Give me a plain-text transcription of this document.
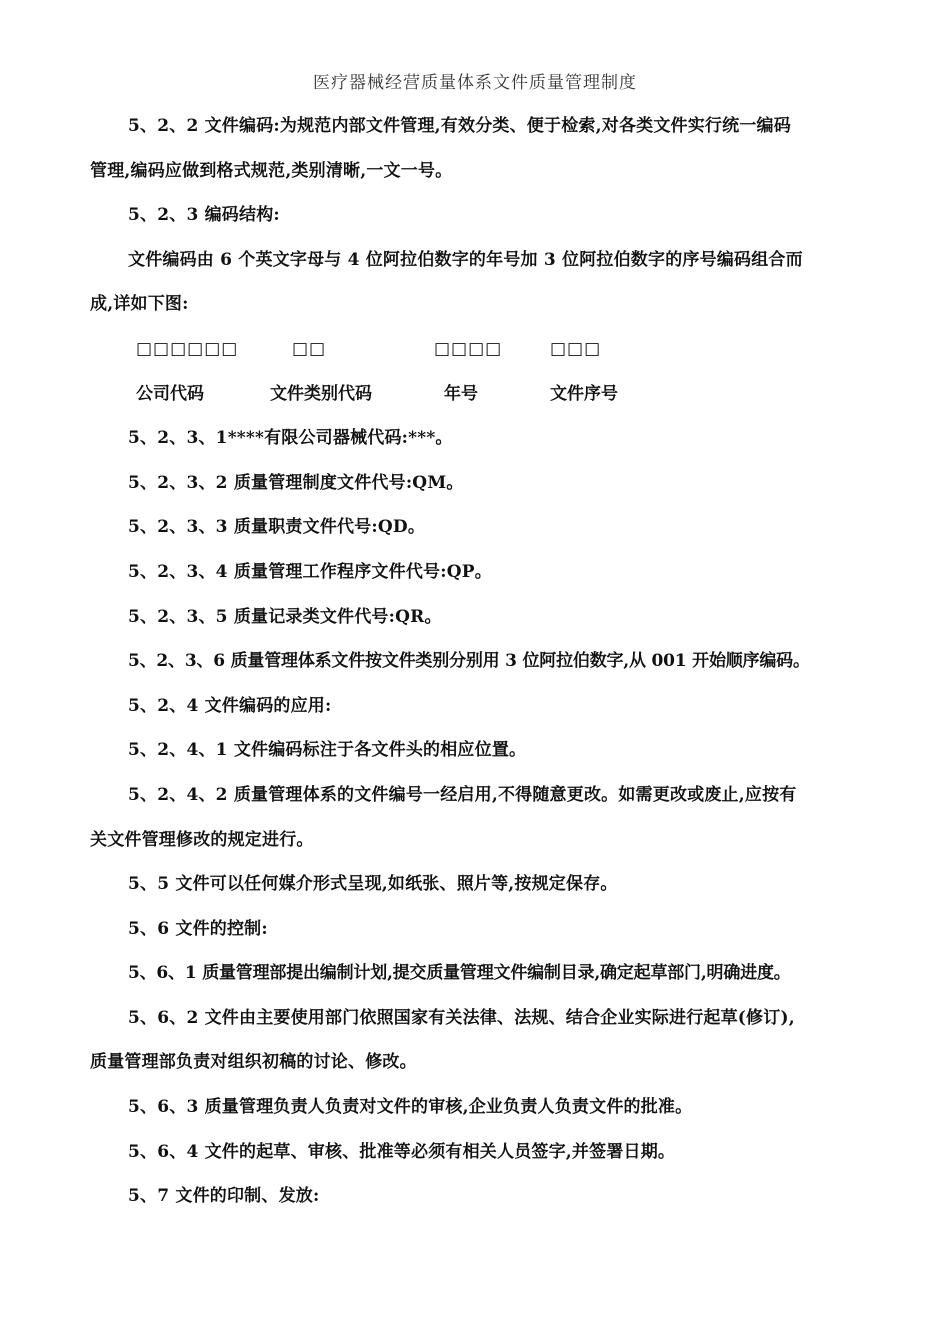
医疗器械经营质量体系文件质量管理制度
5、2、2 文件编码:为规范内部文件管理,有效分类、便于检索,对各类文件实行统一编码
管理,编码应做到格式规范,类别清晰,一文一号。
5、2、3 编码结构:
文件编码由 6 个英文字母与 4 位阿拉伯数字的年号加 3 位阿拉伯数字的序号编码组合而
成,详如下图:
□□□□□□	□□	□□□□	□□□
公司代码	文件类别代码	年号	文件序号
5、2、3、1****有限公司器械代码:***。
5、2、3、2 质量管理制度文件代号:QM。
5、2、3、3 质量职责文件代号:QD。
5、2、3、4 质量管理工作程序文件代号:QP。
5、2、3、5 质量记录类文件代号:QR。
5、2、3、6 质量管理体系文件按文件类别分别用 3 位阿拉伯数字,从 001 开始顺序编码。
5、2、4 文件编码的应用:
5、2、4、1 文件编码标注于各文件头的相应位置。
5、2、4、2 质量管理体系的文件编号一经启用,不得随意更改。如需更改或废止,应按有
关文件管理修改的规定进行。
5、5 文件可以任何媒介形式呈现,如纸张、照片等,按规定保存。
5、6 文件的控制:
5、6、1 质量管理部提出编制计划,提交质量管理文件编制目录,确定起草部门,明确进度。
5、6、2 文件由主要使用部门依照国家有关法律、法规、结合企业实际进行起草(修订),
质量管理部负责对组织初稿的讨论、修改。
5、6、3 质量管理负责人负责对文件的审核,企业负责人负责文件的批准。
5、6、4 文件的起草、审核、批准等必须有相关人员签字,并签署日期。
5、7 文件的印制、发放:
